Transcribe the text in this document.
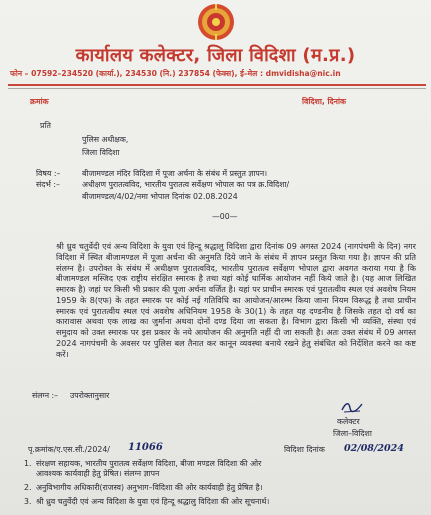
कार्यालय कलेक्टर, जिला विदिशा (म.प्र.)
फोन – 07592–234520 (कार्या.), 234530 (नि.) 237854 (फेक्स), ई–मेल : dmvidisha@nic.in
क्रमांक	विदिशा, दिनांक
प्रति
पुलिस अधीक्षक,
जिला विदिशा
विषय :–	बीजामण्डल मंदिर विदिशा में पूजा अर्चना के संबंध में प्रस्तुत ज्ञापन।
संदर्भ :–	अधीक्षण पुरातत्वविद, भारतीय पुरातत्व सर्वेक्षण भोपाल का पत्र क्र.विदिशा/
बीजामण्डल/4/02/नमा भोपाल दिनांक 02.08.2024
—00—
श्री ध्रुव चतुर्वेदी एवं अन्य विदिशा के युवा एवं हिन्दू श्रद्धालु विदिशा द्वारा दिनांक 09 अगस्त 2024 (नागपंचमी के दिन) नगर विदिशा में स्थित बीजामण्डल में पूजा अर्चना की अनुमति दिये जाने के संबंध में ज्ञापन प्रस्तुत किया गया है। ज्ञापन की प्रति संलग्न है। उपरोक्त के संबंध में अधीक्षण पुरातत्वविद, भारतीय पुरातत्व सर्वेक्षण भोपाल द्वारा अवगत कराया गया है कि बीजामण्डल मस्जिद एक राष्ट्रीय संरक्षित स्मारक है तथा यहां कोई धार्मिक आयोजन नहीं किये जाते है। (यह आज लिखित स्मारक है) जहां पर किसी भी प्रकार की पूजा अर्चना वर्जित है। यहां पर प्राचीन स्मारक एवं पुरातत्वीय स्थल एवं अवशेष नियम 1959 के 8(एफ) के तहत स्मारक पर कोई नई गतिविधि का आयोजन/आरम्भ किया जाना नियम विरूद्ध है तथा प्राचीन स्मारक एवं पुरातत्वीय स्थल एवं अवशेष अधिनियम 1958 के 30(1) के तहत यह दण्डनीय है जिसके तहत दो वर्ष का कारावास अथवा एक लाख का जुर्माना अथवा दोनों दण्ड दिया जा सकता है। विभाग द्वारा किसी भी व्यक्ति, संस्था एवं समुदाय को उक्त स्मारक पर इस प्रकार के नये आयोजन की अनुमति नहीं दी जा सकती है। अतः उक्त संबंध में 09 अगस्त 2024 नागपंचमी के अवसर पर पुलिस बल तैनात कर कानून व्यवस्था बनाये रखने हेतु संबंधित को निर्देशित करने का कष्ट करें।
संलग्न :– उपरोक्तानुसार
कलेक्टर
जिला–विदिशा
पृ.क्रमांक/ए.एस.सी./2024/ 11066	विदिशा दिनांक 02/08/2024
1. संरक्षण सहायक, भारतीय पुरातत्व सर्वेक्षण विदिशा, बीजा मण्डल विदिशा की ओर
आवश्यक कार्यवाही हेतु प्रेषित। संलग्न ज्ञापन
2. अनुविभागीय अधिकारी(राजस्व) अनुभाग–विदिशा की ओर कार्यवाही हेतु प्रेषित है।
3. श्री ध्रुव चतुर्वेदी एवं अन्य विदिशा के युवा एवं हिन्दू श्रद्धालु विदिशा की ओर सूचनार्थ।
